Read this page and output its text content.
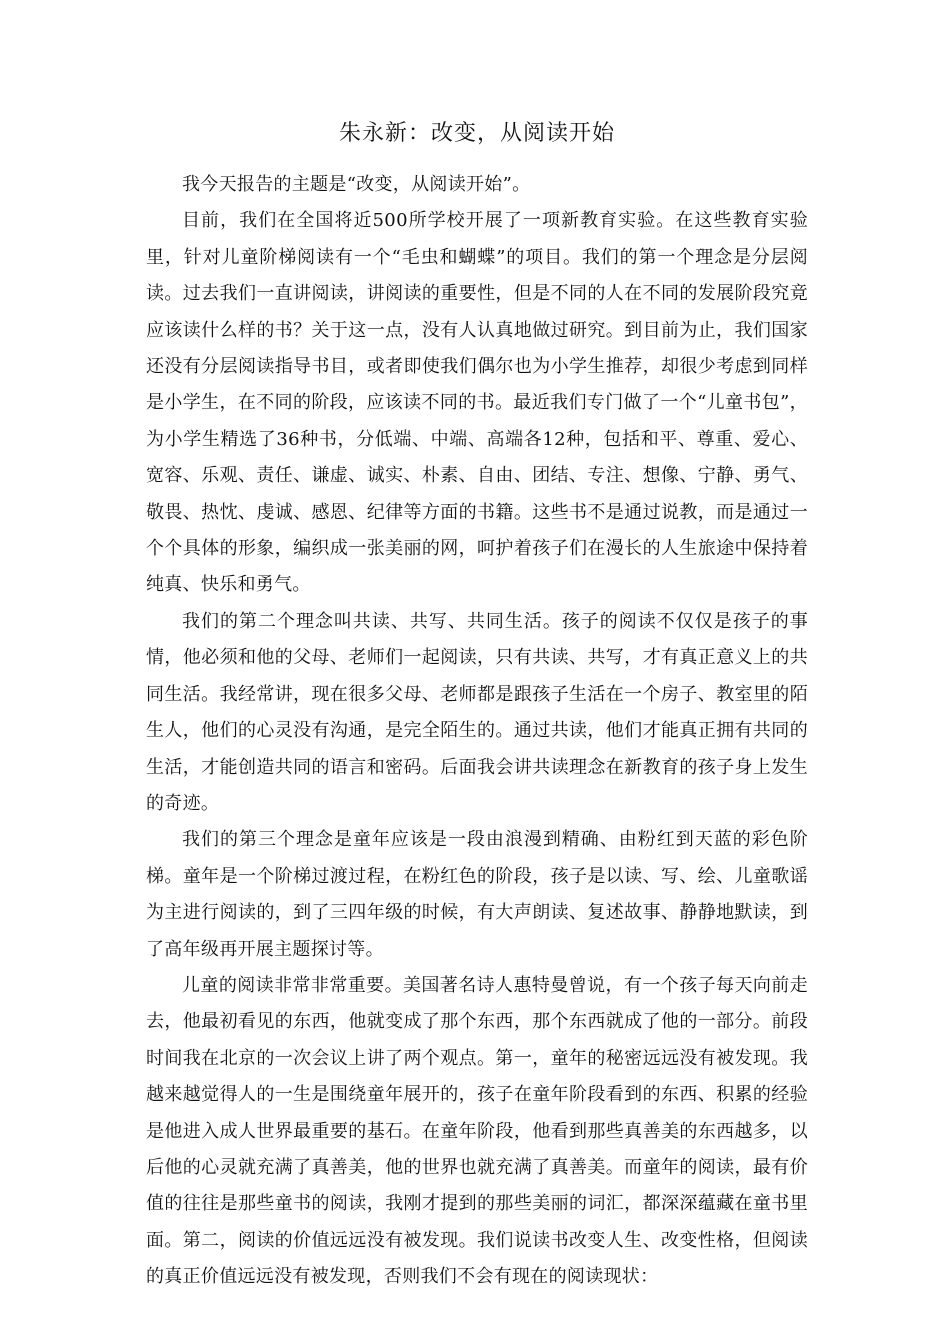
朱永新：改变，从阅读开始

我今天报告的主题是“改变，从阅读开始”。

目前，我们在全国将近500所学校开展了一项新教育实验。在这些教育实验里，针对儿童阶梯阅读有一个“毛虫和蝴蝶”的项目。我们的第一个理念是分层阅读。过去我们一直讲阅读，讲阅读的重要性，但是不同的人在不同的发展阶段究竟应该读什么样的书？关于这一点，没有人认真地做过研究。到目前为止，我们国家还没有分层阅读指导书目，或者即使我们偶尔也为小学生推荐，却很少考虑到同样是小学生，在不同的阶段，应该读不同的书。最近我们专门做了一个“儿童书包”，为小学生精选了36种书，分低端、中端、高端各12种，包括和平、尊重、爱心、宽容、乐观、责任、谦虚、诚实、朴素、自由、团结、专注、想像、宁静、勇气、敬畏、热忱、虔诚、感恩、纪律等方面的书籍。这些书不是通过说教，而是通过一个个具体的形象，编织成一张美丽的网，呵护着孩子们在漫长的人生旅途中保持着纯真、快乐和勇气。

我们的第二个理念叫共读、共写、共同生活。孩子的阅读不仅仅是孩子的事情，他必须和他的父母、老师们一起阅读，只有共读、共写，才有真正意义上的共同生活。我经常讲，现在很多父母、老师都是跟孩子生活在一个房子、教室里的陌生人，他们的心灵没有沟通，是完全陌生的。通过共读，他们才能真正拥有共同的生活，才能创造共同的语言和密码。后面我会讲共读理念在新教育的孩子身上发生的奇迹。

我们的第三个理念是童年应该是一段由浪漫到精确、由粉红到天蓝的彩色阶梯。童年是一个阶梯过渡过程，在粉红色的阶段，孩子是以读、写、绘、儿童歌谣为主进行阅读的，到了三四年级的时候，有大声朗读、复述故事、静静地默读，到了高年级再开展主题探讨等。

儿童的阅读非常非常重要。美国著名诗人惠特曼曾说，有一个孩子每天向前走去，他最初看见的东西，他就变成了那个东西，那个东西就成了他的一部分。前段时间我在北京的一次会议上讲了两个观点。第一，童年的秘密远远没有被发现。我越来越觉得人的一生是围绕童年展开的，孩子在童年阶段看到的东西、积累的经验是他进入成人世界最重要的基石。在童年阶段，他看到那些真善美的东西越多，以后他的心灵就充满了真善美，他的世界也就充满了真善美。而童年的阅读，最有价值的往往是那些童书的阅读，我刚才提到的那些美丽的词汇，都深深蕴藏在童书里面。第二，阅读的价值远远没有被发现。我们说读书改变人生、改变性格，但阅读的真正价值远远没有被发现，否则我们不会有现在的阅读现状：
